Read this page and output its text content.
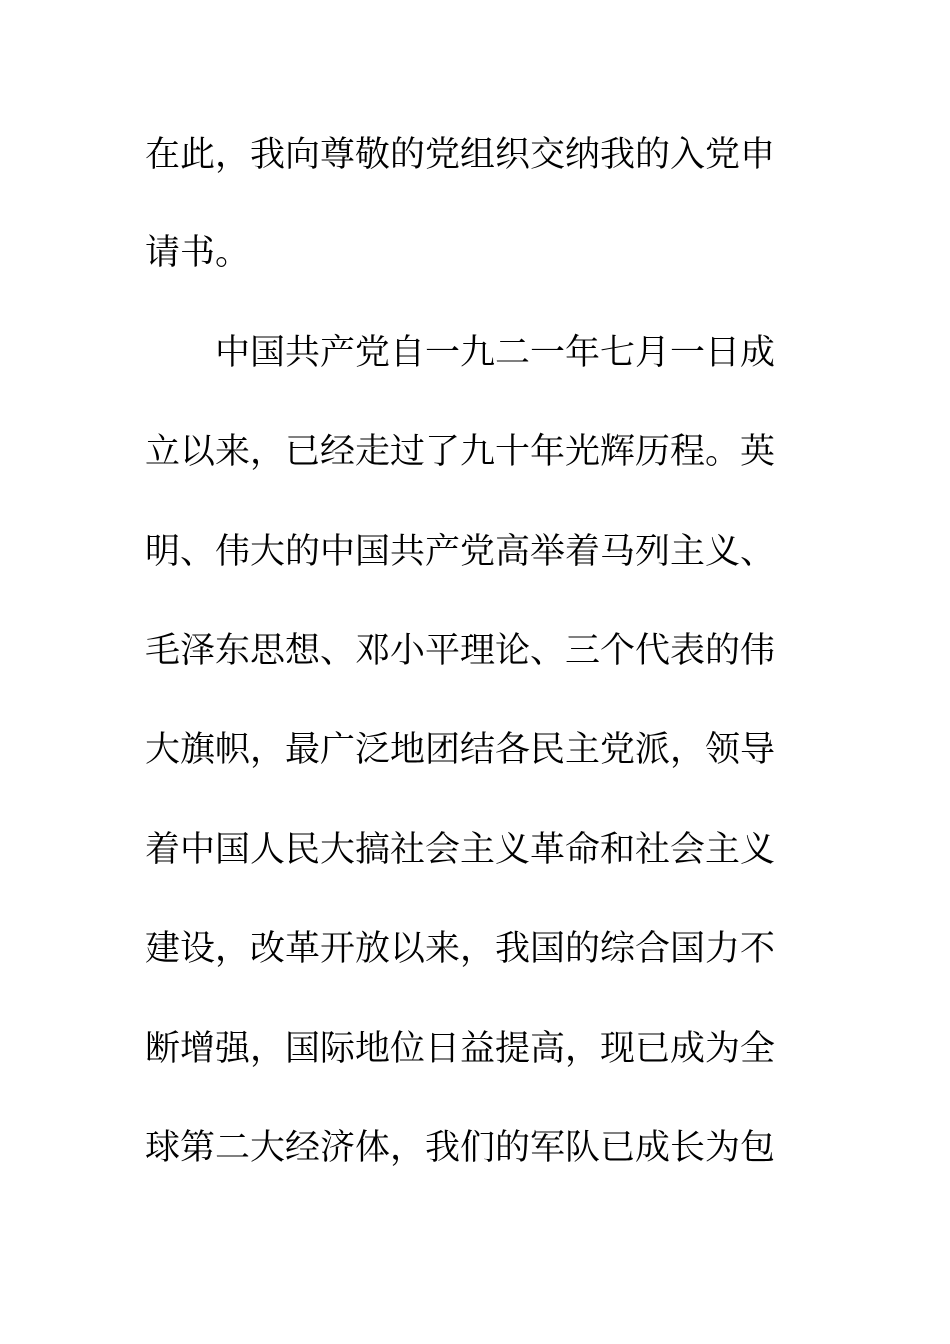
在此，我向尊敬的党组织交纳我的入党申
请书。
中国共产党自一九二一年七月一日成
立以来，已经走过了九十年光辉历程。英
明、伟大的中国共产党高举着马列主义、
毛泽东思想、邓小平理论、三个代表的伟
大旗帜，最广泛地团结各民主党派，领导
着中国人民大搞社会主义革命和社会主义
建设，改革开放以来，我国的综合国力不
断增强，国际地位日益提高，现已成为全
球第二大经济体，我们的军队已成长为包
